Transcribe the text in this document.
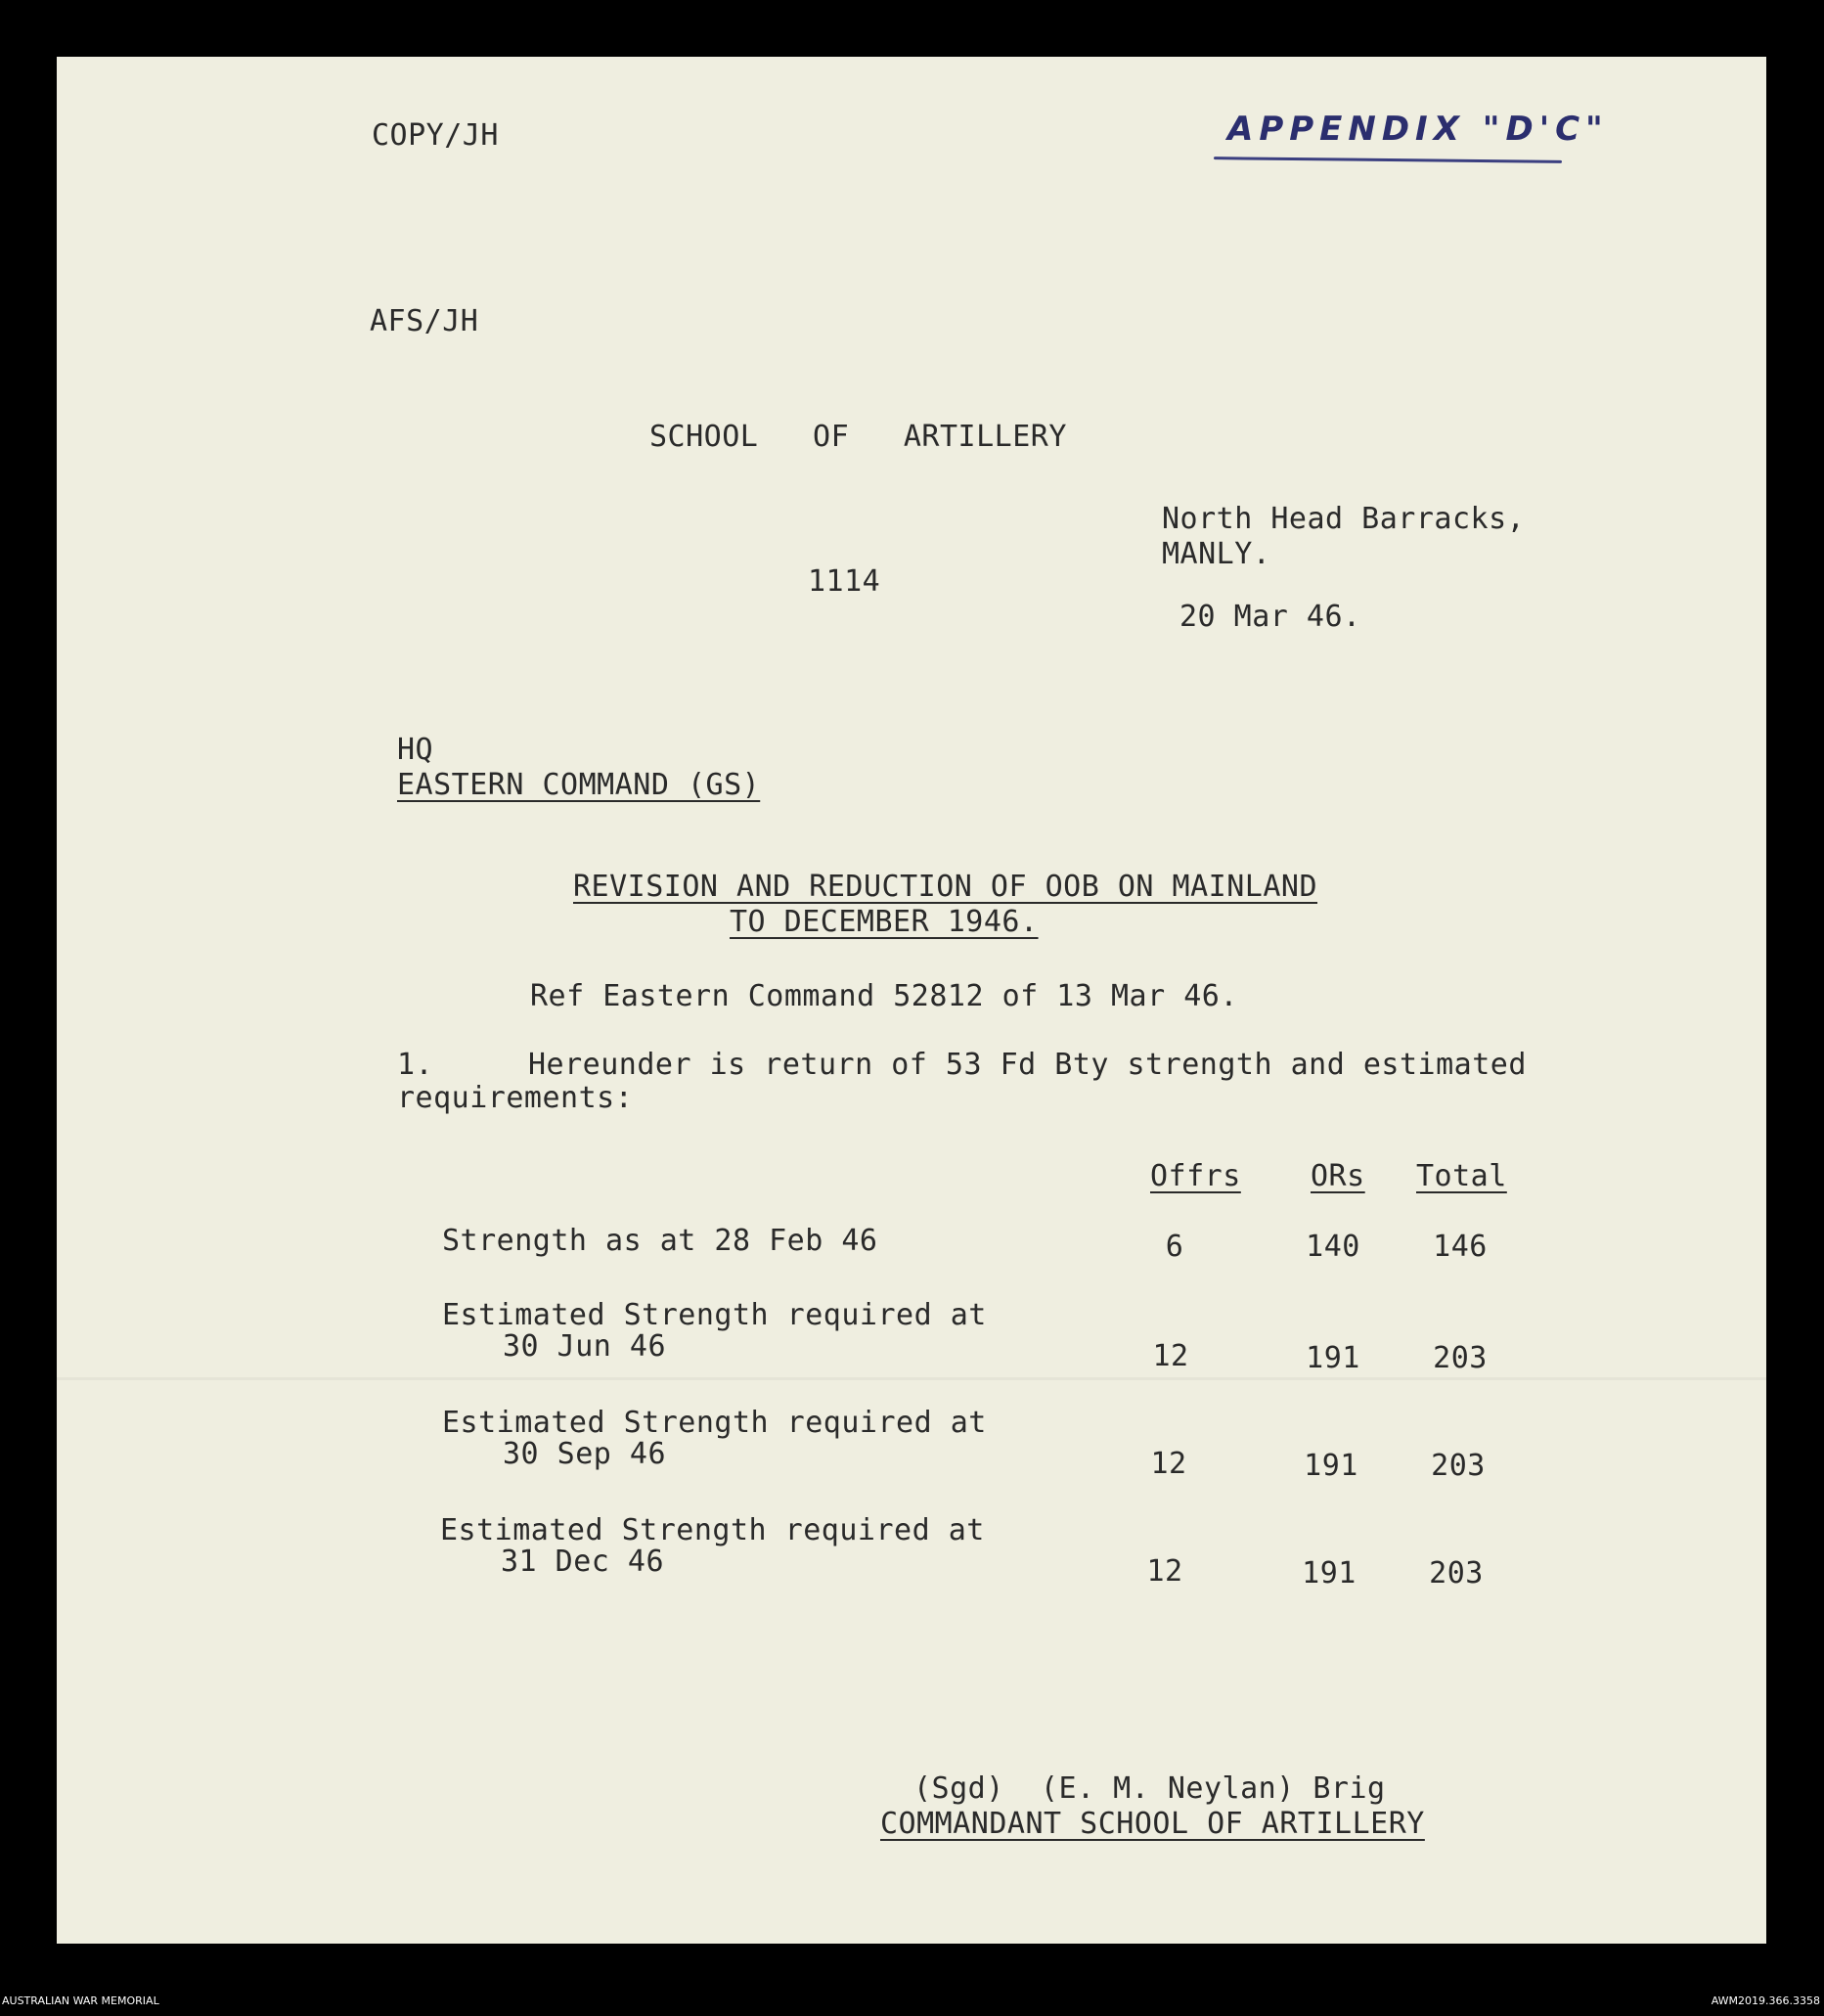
COPY/JH	APPENDIX "D'C"
AFS/JH
SCHOOL   OF   ARTILLERY
North Head Barracks,
MANLY.
1114
20 Mar 46.
HQ
EASTERN COMMAND (GS)
REVISION AND REDUCTION OF OOB ON MAINLAND
TO DECEMBER 1946.
Ref Eastern Command 52812 of 13 Mar 46.
1.	Hereunder is return of 53 Fd Bty strength and estimated
requirements:
Offrs ORs Total
Strength as at 28 Feb 46	6	140	146
Estimated Strength required at
30 Jun 46	12	191	203
Estimated Strength required at
30 Sep 46	12	191	203
Estimated Strength required at
31 Dec 46	12	191	203
(Sgd)  (E. M. Neylan) Brig
COMMANDANT SCHOOL OF ARTILLERY
AUSTRALIAN WAR MEMORIAL	AWM2019.366.3358
